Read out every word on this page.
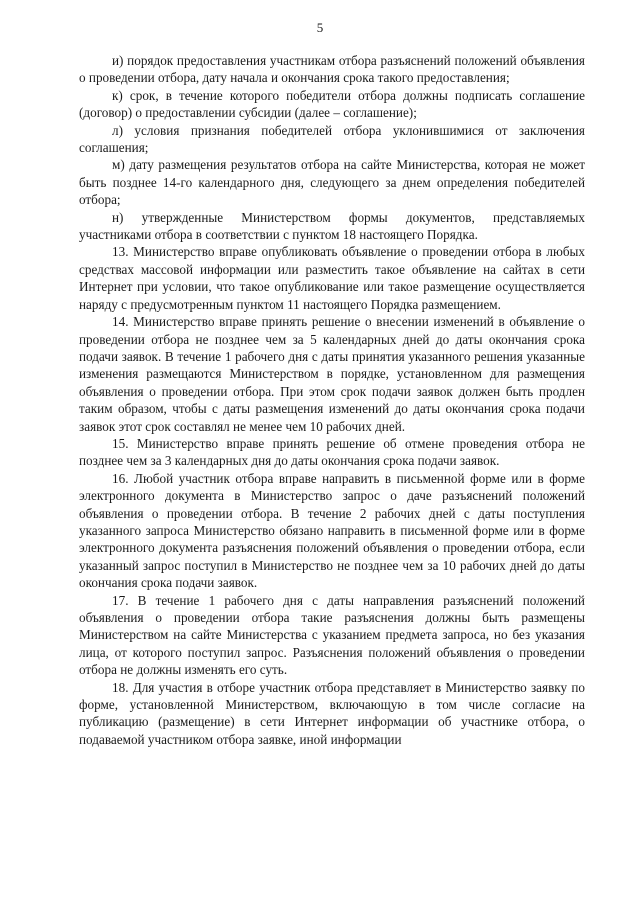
5

и) порядок предоставления участникам отбора разъяснений положений объявления о проведении отбора, дату начала и окончания срока такого предоставления;

к) срок, в течение которого победители отбора должны подписать соглашение (договор) о предоставлении субсидии (далее – соглашение);

л) условия признания победителей отбора уклонившимися от заключения соглашения;

м) дату размещения результатов отбора на сайте Министерства, которая не может быть позднее 14-го календарного дня, следующего за днем определения победителей отбора;

н) утвержденные Министерством формы документов, представляемых участниками отбора в соответствии с пунктом 18 настоящего Порядка.

13. Министерство вправе опубликовать объявление о проведении отбора в любых средствах массовой информации или разместить такое объявление на сайтах в сети Интернет при условии, что такое опубликование или такое размещение осуществляется наряду с предусмотренным пунктом 11 настоящего Порядка размещением.

14. Министерство вправе принять решение о внесении изменений в объявление о проведении отбора не позднее чем за 5 календарных дней до даты окончания срока подачи заявок. В течение 1 рабочего дня с даты принятия указанного решения указанные изменения размещаются Министерством в порядке, установленном для размещения объявления о проведении отбора. При этом срок подачи заявок должен быть продлен таким образом, чтобы с даты размещения изменений до даты окончания срока подачи заявок этот срок составлял не менее чем 10 рабочих дней.

15. Министерство вправе принять решение об отмене проведения отбора не позднее чем за 3 календарных дня до даты окончания срока подачи заявок.

16. Любой участник отбора вправе направить в письменной форме или в форме электронного документа в Министерство запрос о даче разъяснений положений объявления о проведении отбора. В течение 2 рабочих дней с даты поступления указанного запроса Министерство обязано направить в письменной форме или в форме электронного документа разъяснения положений объявления о проведении отбора, если указанный запрос поступил в Министерство не позднее чем за 10 рабочих дней до даты окончания срока подачи заявок.

17. В течение 1 рабочего дня с даты направления разъяснений положений объявления о проведении отбора такие разъяснения должны быть размещены Министерством на сайте Министерства с указанием предмета запроса, но без указания лица, от которого поступил запрос. Разъяснения положений объявления о проведении отбора не должны изменять его суть.

18. Для участия в отборе участник отбора представляет в Министерство заявку по форме, установленной Министерством, включающую в том числе согласие на публикацию (размещение) в сети Интернет информации об участнике отбора, о подаваемой участником отбора заявке, иной информации
